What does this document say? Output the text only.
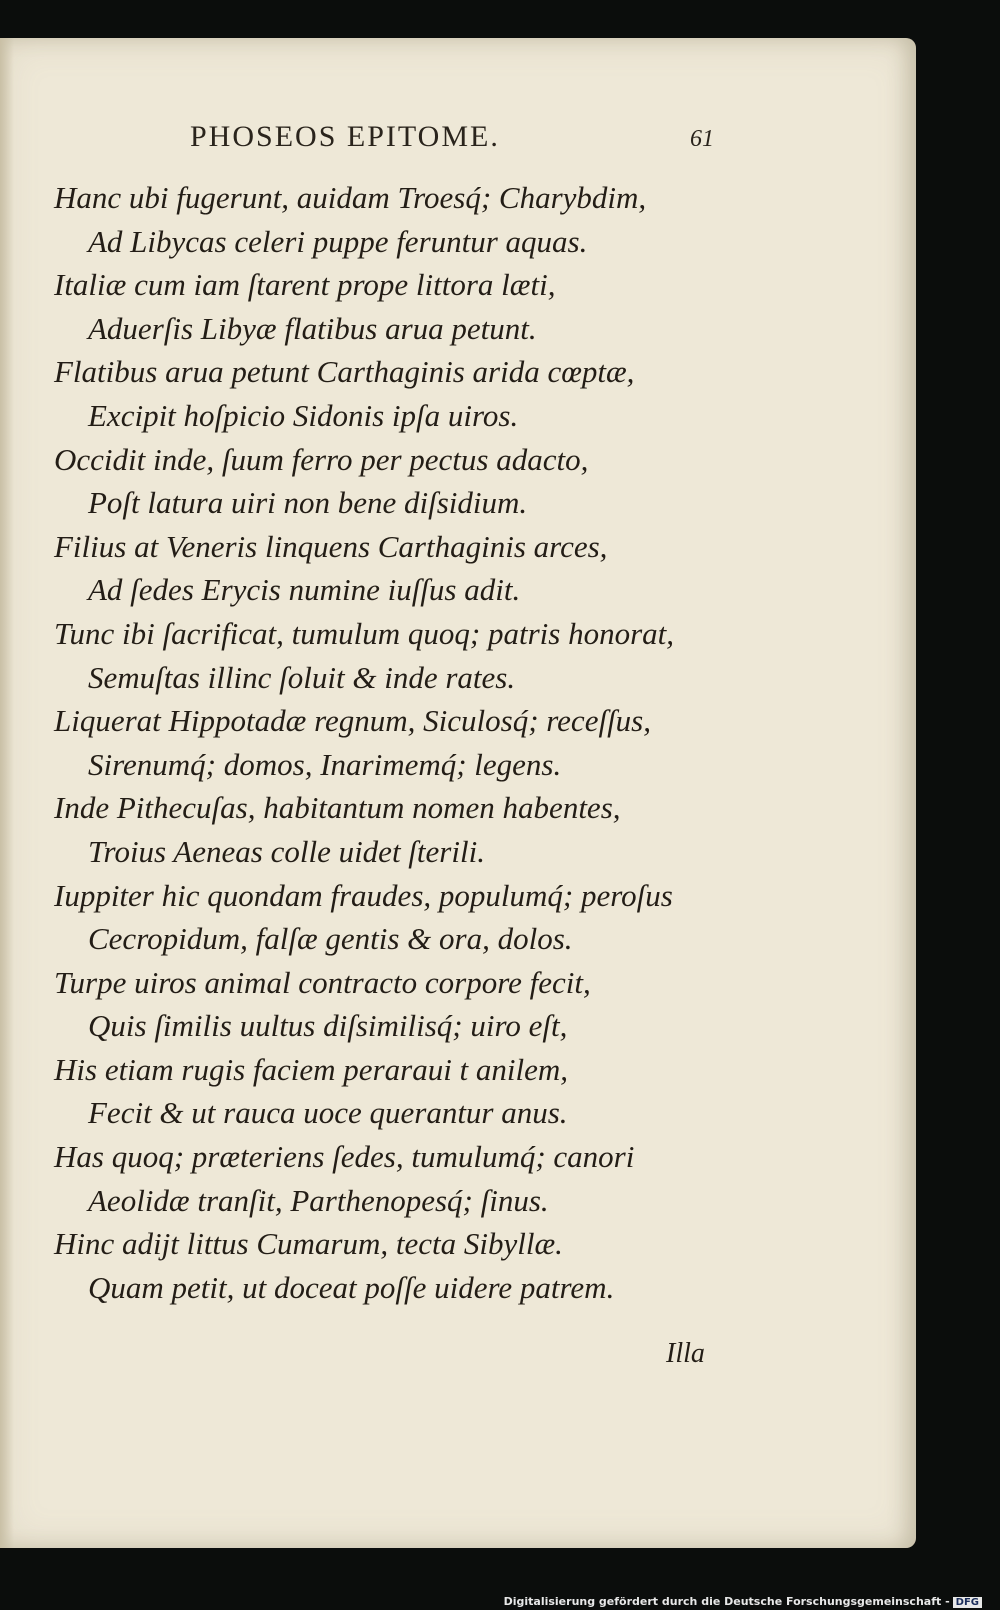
PHOSEOS EPITOME.	61
Hanc ubi fugerunt, auidam Troesq́; Charybdim,
Ad Libycas celeri puppe feruntur aquas.
Italiæ cum iam ſtarent prope littora læti,
Aduerſis Libyæ flatibus arua petunt.
Flatibus arua petunt Carthaginis arida cœptæ,
Excipit hoſpicio Sidonis ipſa uiros.
Occidit inde, ſuum ferro per pectus adacto,
Poſt latura uiri non bene diſsidium.
Filius at Veneris linquens Carthaginis arces,
Ad ſedes Erycis numine iuſſus adit.
Tunc ibi ſacrificat, tumulum quoq; patris honorat,
Semuſtas illinc ſoluit & inde rates.
Liquerat Hippotadæ regnum, Siculosq́; receſſus,
Sirenumq́; domos, Inarimemq́; legens.
Inde Pithecuſas, habitantum nomen habentes,
Troius Aeneas colle uidet ſterili.
Iuppiter hic quondam fraudes, populumq́; peroſus
Cecropidum, falſæ gentis & ora, dolos.
Turpe uiros animal contracto corpore fecit,
Quis ſimilis uultus diſsimilisq́; uiro eſt,
His etiam rugis faciem peraraui t anilem,
Fecit & ut rauca uoce querantur anus.
Has quoq; præteriens ſedes, tumulumq́; canori
Aeolidæ tranſit, Parthenopesq́; ſinus.
Hinc adijt littus Cumarum, tecta Sibyllæ.
Quam petit, ut doceat poſſe uidere patrem.
Illa
Digitalisierung gefördert durch die Deutsche Forschungsgemeinschaft - DFG
